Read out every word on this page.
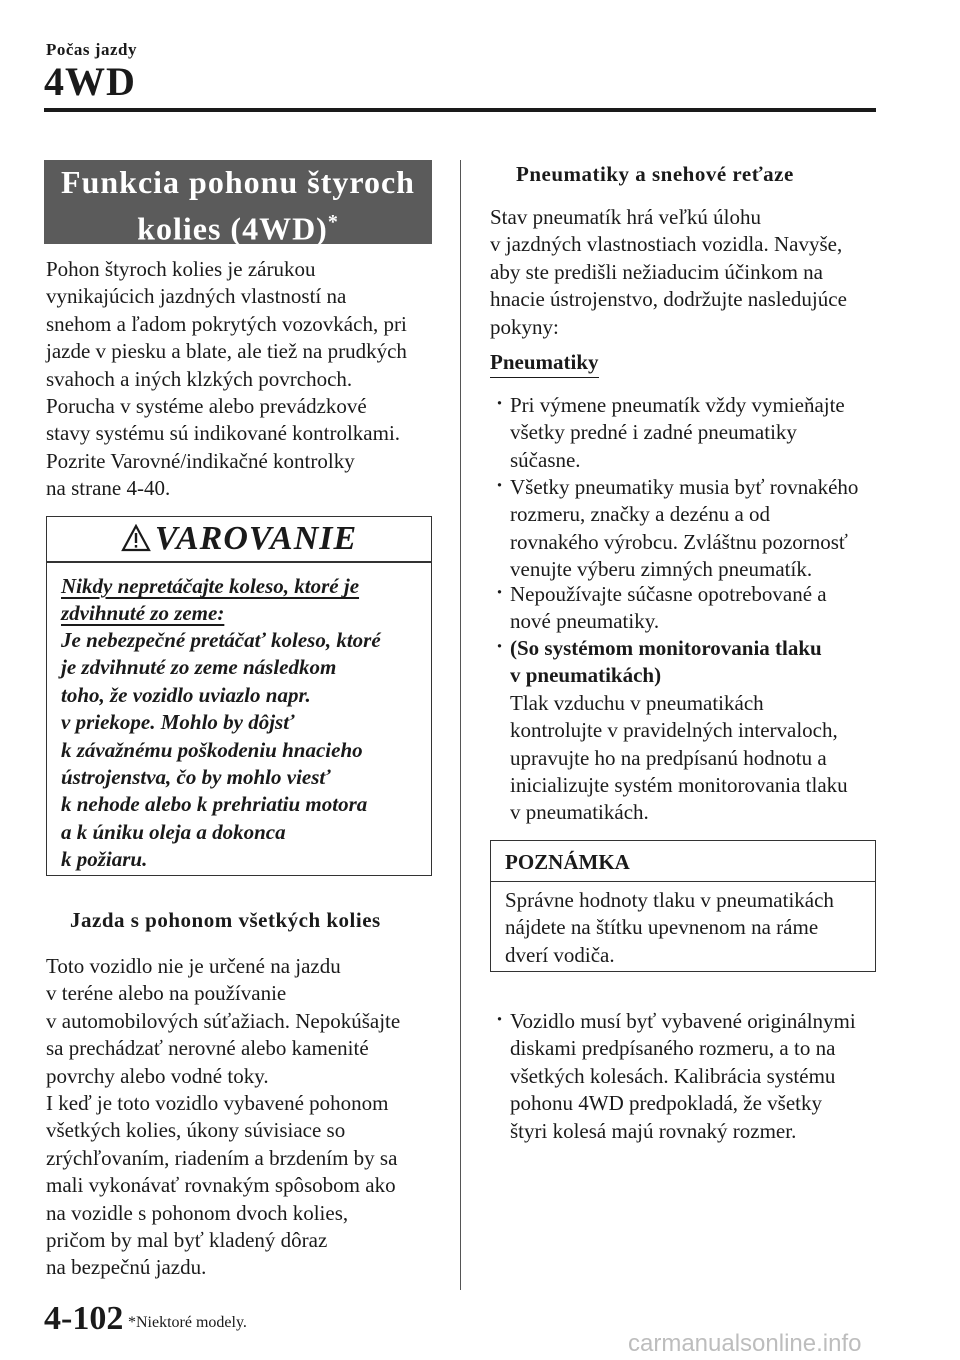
Počas jazdy
4WD
Funkcia pohonu štyroch
kolies (4WD)*
Pohon štyroch kolies je zárukou
vynikajúcich jazdných vlastností na
snehom a ľadom pokrytých vozovkách, pri
jazde v piesku a blate, ale tiež na prudkých
svahoch a iných klzkých povrchoch.
Porucha v systéme alebo prevádzkové
stavy systému sú indikované kontrolkami.
Pozrite Varovné/indikačné kontrolky
na strane 4-40.
VAROVANIE
Nikdy nepretáčajte koleso, ktoré je
zdvihnuté zo zeme:
Je nebezpečné pretáčať koleso, ktoré
je zdvihnuté zo zeme následkom
toho, že vozidlo uviazlo napr.
v priekope. Mohlo by dôjsť
k závažnému poškodeniu hnacieho
ústrojenstva, čo by mohlo viesť
k nehode alebo k prehriatiu motora
a k úniku oleja a dokonca
k požiaru.
Jazda s pohonom všetkých kolies
Toto vozidlo nie je určené na jazdu
v teréne alebo na používanie
v automobilových súťažiach. Nepokúšajte
sa prechádzať nerovné alebo kamenité
povrchy alebo vodné toky.
I keď je toto vozidlo vybavené pohonom
všetkých kolies, úkony súvisiace so
zrýchľovaním, riadením a brzdením by sa
mali vykonávať rovnakým spôsobom ako
na vozidle s pohonom dvoch kolies,
pričom by mal byť kladený dôraz
na bezpečnú jazdu.
Pneumatiky a snehové reťaze
Stav pneumatík hrá veľkú úlohu
v jazdných vlastnostiach vozidla. Navyše,
aby ste predišli nežiaducim účinkom na
hnacie ústrojenstvo, dodržujte nasledujúce
pokyny:
Pneumatiky
· Pri výmene pneumatík vždy vymieňajte
všetky predné i zadné pneumatiky
súčasne.
· Všetky pneumatiky musia byť rovnakého
rozmeru, značky a dezénu a od
rovnakého výrobcu. Zvláštnu pozornosť
venujte výberu zimných pneumatík.
· Nepoužívajte súčasne opotrebované a
nové pneumatiky.
· (So systémom monitorovania tlaku
v pneumatikách)
Tlak vzduchu v pneumatikách
kontrolujte v pravidelných intervaloch,
upravujte ho na predpísanú hodnotu a
inicializujte systém monitorovania tlaku
v pneumatikách.
POZNÁMKA
Správne hodnoty tlaku v pneumatikách
nájdete na štítku upevnenom na ráme
dverí vodiča.
· Vozidlo musí byť vybavené originálnymi
diskami predpísaného rozmeru, a to na
všetkých kolesách. Kalibrácia systému
pohonu 4WD predpokladá, že všetky
štyri kolesá majú rovnaký rozmer.
4-102 *Niektoré modely.
carmanualsonline.info
